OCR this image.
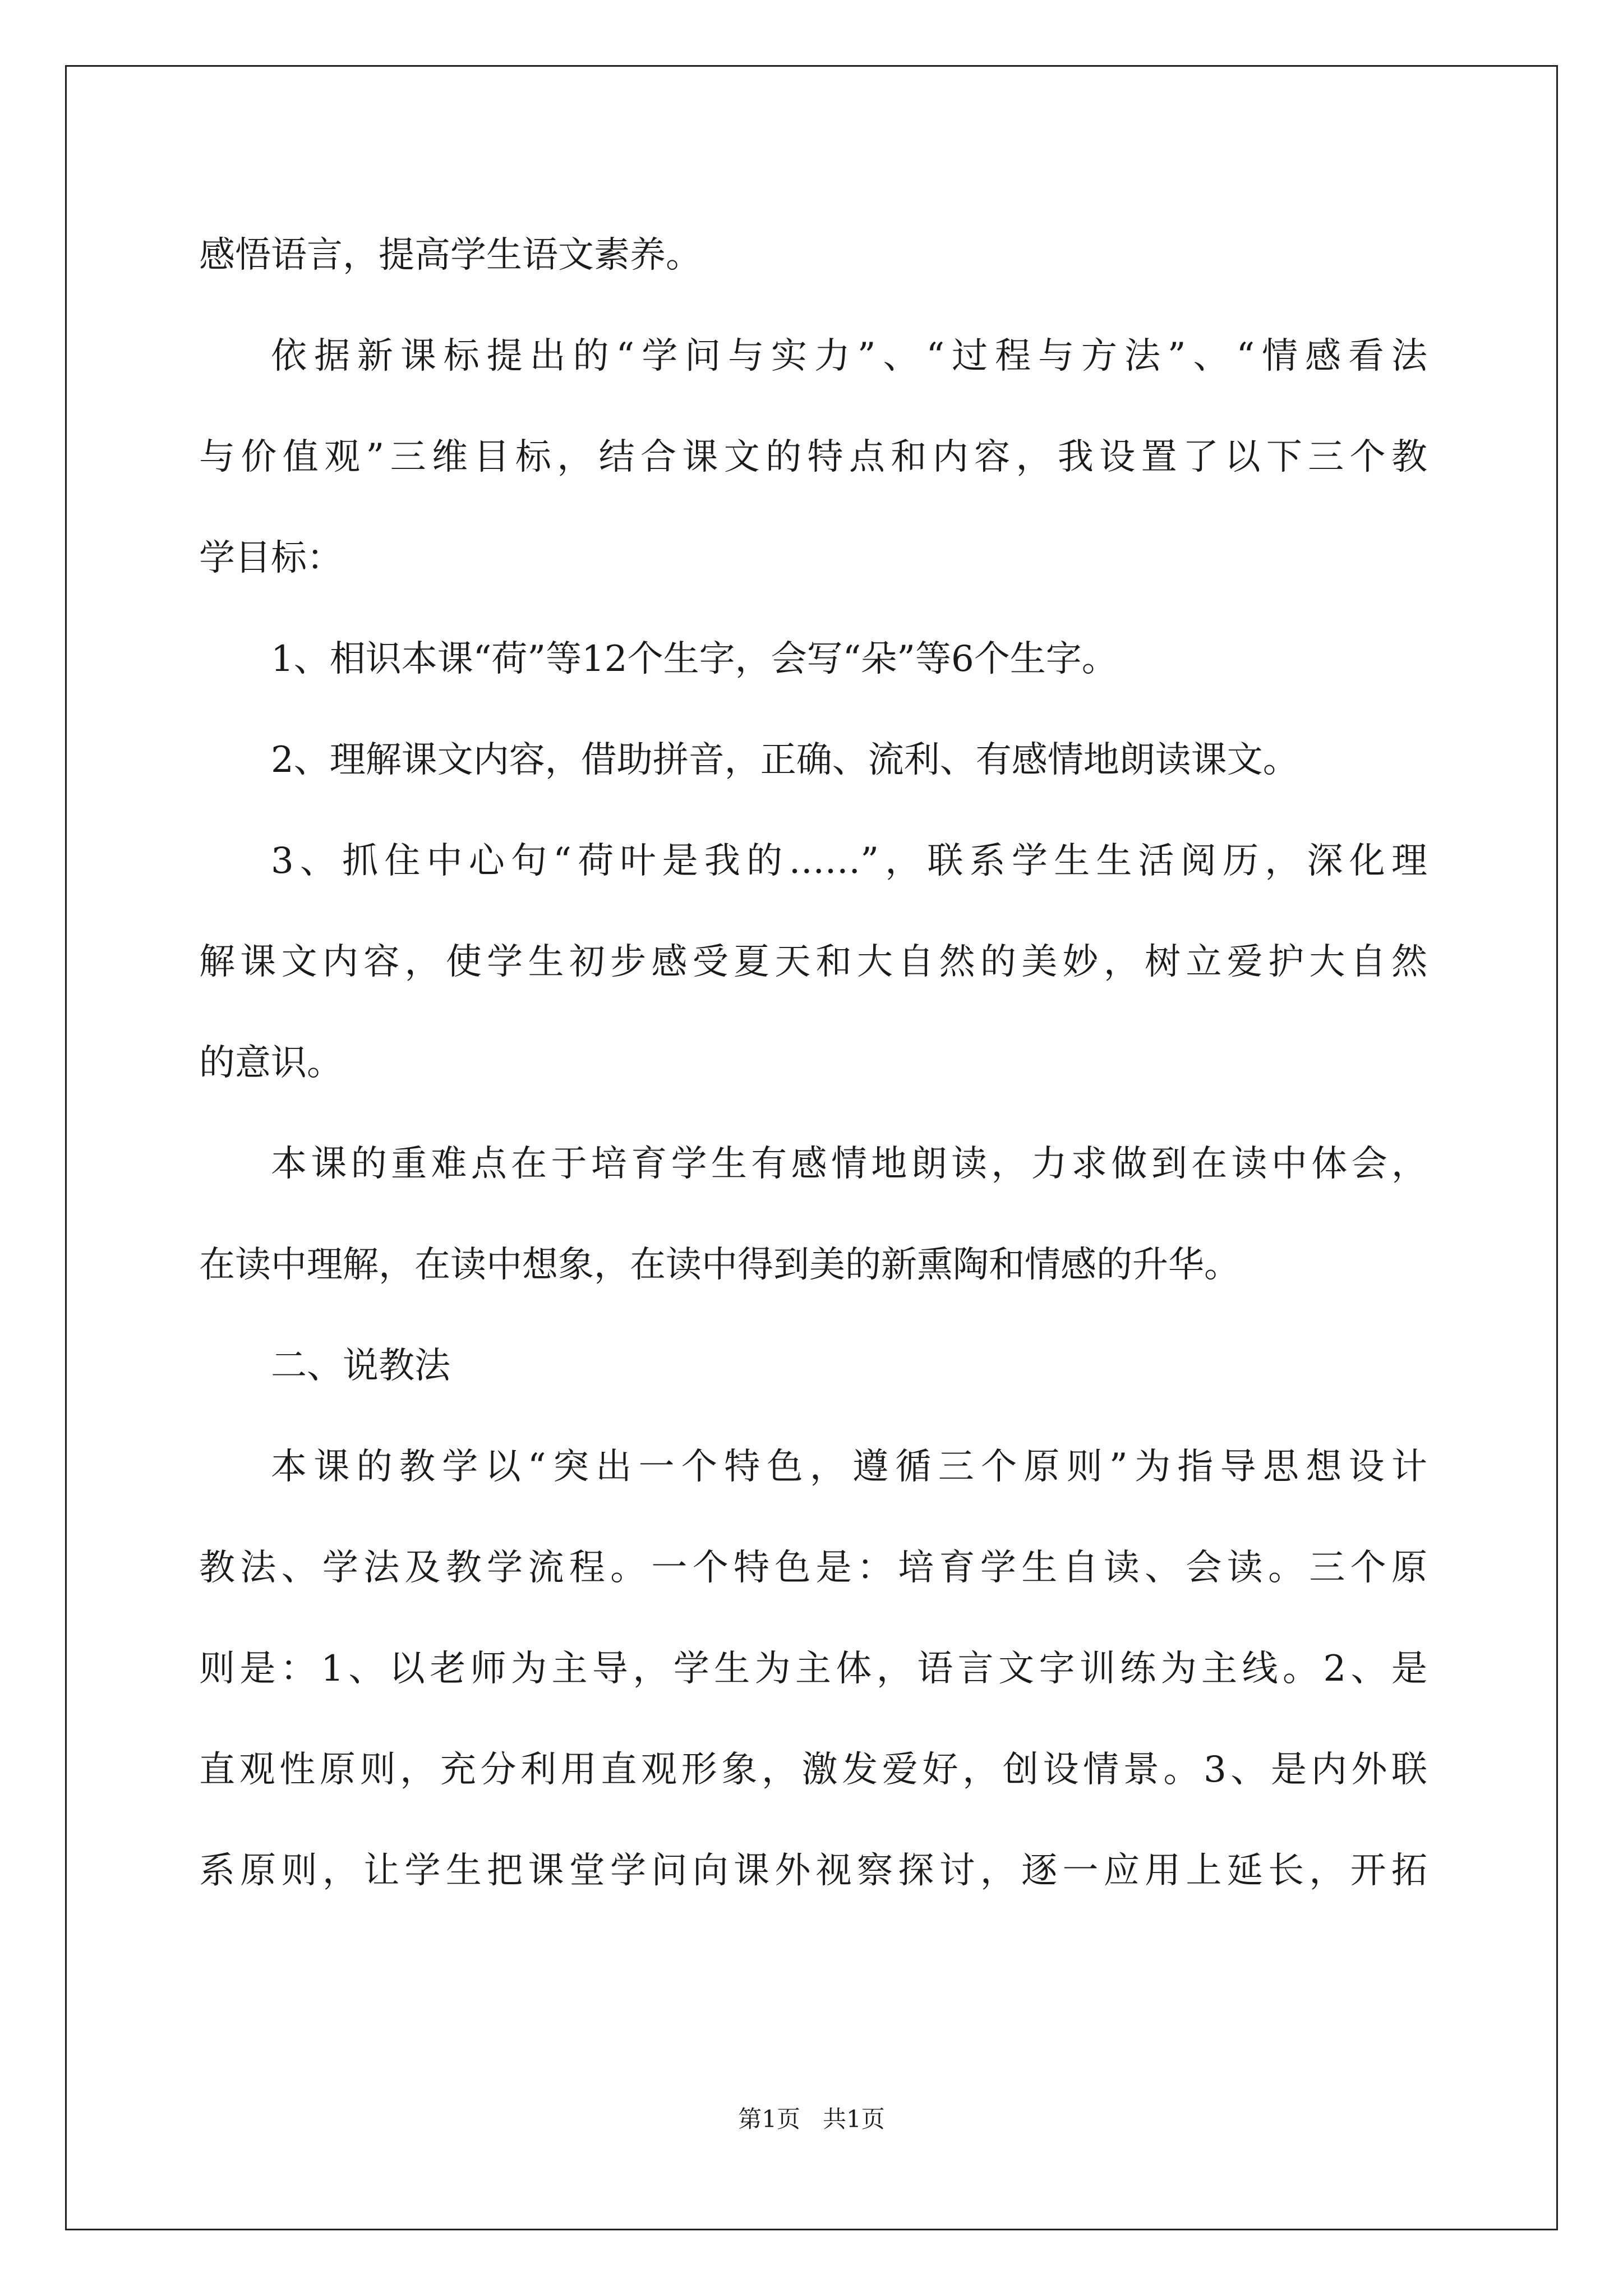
感悟语言，提高学生语文素养。

依据新课标提出的“学问与实力”、“过程与方法”、“情感看法
与价值观”三维目标，结合课文的特点和内容，我设置了以下三个教
学目标：

1、相识本课“荷”等12个生字，会写“朵”等6个生字。

2、理解课文内容，借助拼音，正确、流利、有感情地朗读课文。

3、抓住中心句“荷叶是我的……”，联系学生生活阅历，深化理
解课文内容，使学生初步感受夏天和大自然的美妙，树立爱护大自然
的意识。

本课的重难点在于培育学生有感情地朗读，力求做到在读中体会，
在读中理解，在读中想象，在读中得到美的新熏陶和情感的升华。

二、说教法

本课的教学以“突出一个特色，遵循三个原则”为指导思想设计
教法、学法及教学流程。一个特色是：培育学生自读、会读。三个原
则是：1、以老师为主导，学生为主体，语言文字训练为主线。2、是
直观性原则，充分利用直观形象，激发爱好，创设情景。3、是内外联
系原则，让学生把课堂学问向课外视察探讨，逐一应用上延长，开拓

第1页 共1页
